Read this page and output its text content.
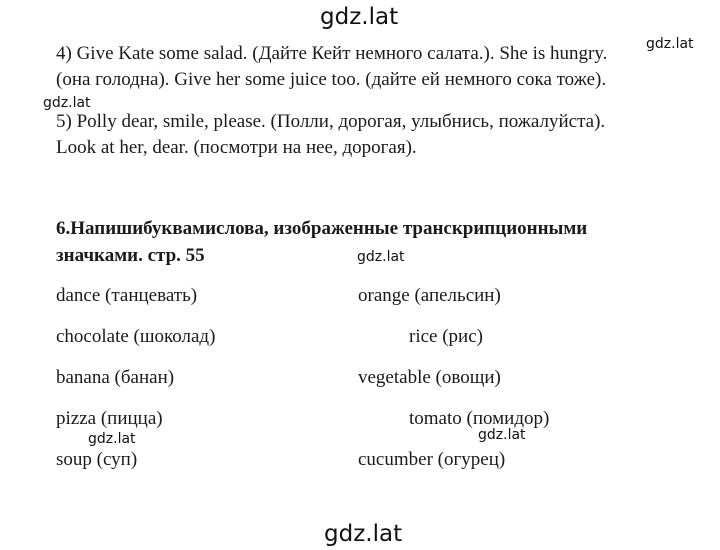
gdz.lat
gdz.lat
gdz.lat
gdz.lat
4) Give Kate some salad. (Дайте Кейт немного салата.). She is hungry.
(она голодна). Give her some juice too. (дайте ей немного сока тоже).
5) Polly dear, smile, please. (Полли, дорогая, улыбнись, пожалуйста).
Look at her, dear. (посмотри на нее, дорогая).
6.Напишибуквамислова, изображенные транскрипционными
значками. стр. 55
dance (танцевать)
chocolate (шоколад)
banana (банан)
pizza (пицца)
soup (суп)
orange (апельсин)
rice (рис)
vegetable (овощи)
tomato (помидор)
cucumber (огурец)
gdz.lat	gdz.lat
gdz.lat
